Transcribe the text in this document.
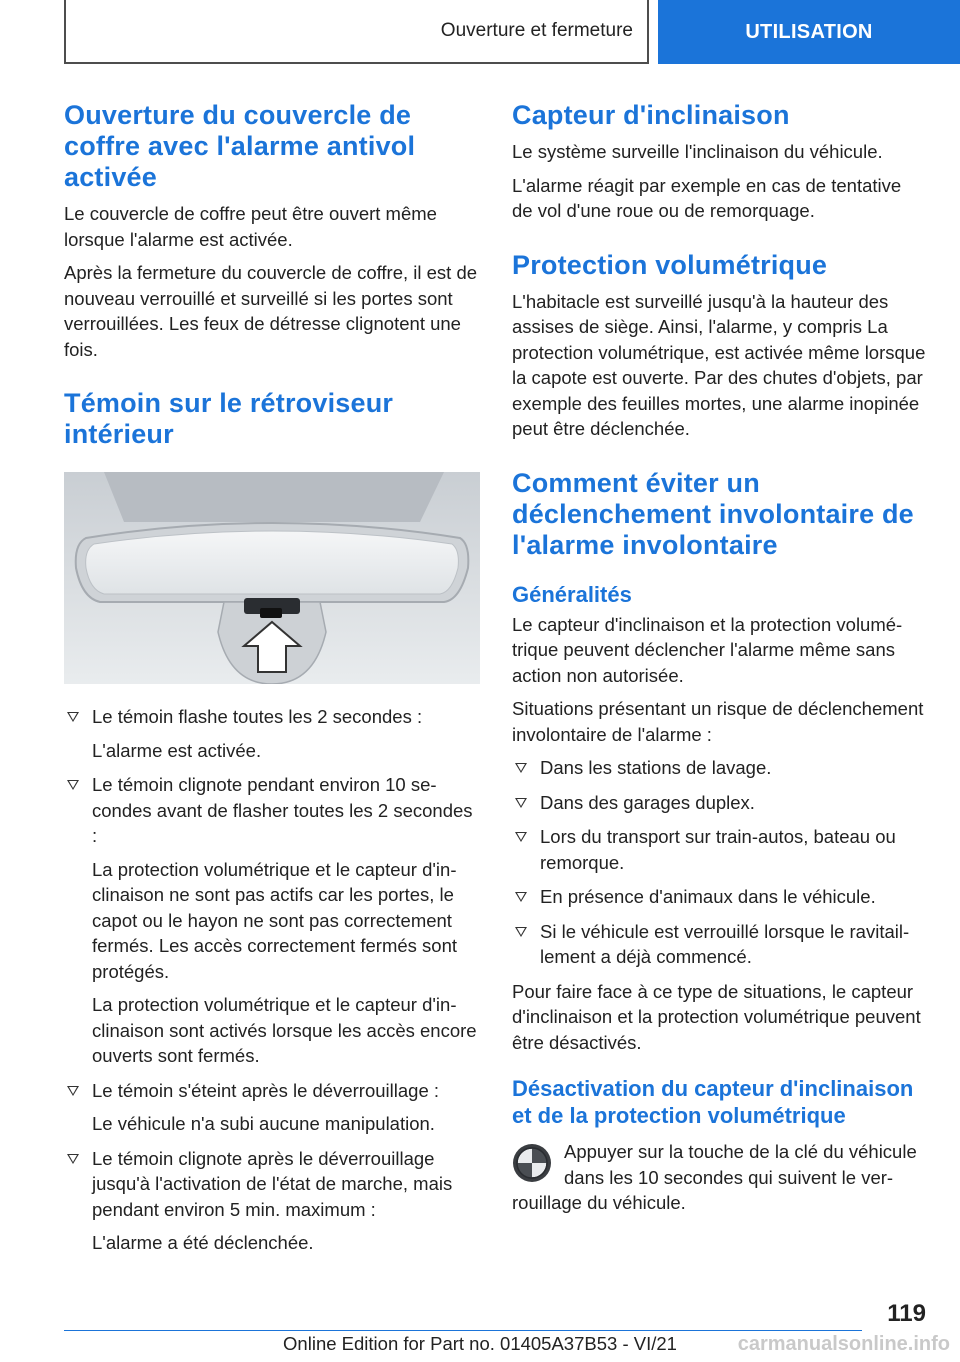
Ouverture et fermeture	UTILISATION
Ouverture du couvercle de coffre avec l'alarme antivol activée

Le couvercle de coffre peut être ouvert même lorsque l'alarme est activée.

Après la fermeture du couvercle de coffre, il est de nouveau verrouillé et surveillé si les portes sont verrouillées. Les feux de détresse clignotent une fois.

Témoin sur le rétroviseur intérieur

Le témoin flashe toutes les 2 secondes :

L'alarme est activée.

Le témoin clignote pendant environ 10 secondes avant de flasher toutes les 2 secondes :

La protection volumétrique et le capteur d'inclinaison ne sont pas actifs car les portes, le capot ou le hayon ne sont pas correctement fermés. Les accès correctement fermés sont protégés.

La protection volumétrique et le capteur d'inclinaison sont activés lorsque les accès encore ouverts sont fermés.

Le témoin s'éteint après le déverrouillage :

Le véhicule n'a subi aucune manipulation.

Le témoin clignote après le déverrouillage jusqu'à l'activation de l'état de marche, mais pendant environ 5 min. maximum :

L'alarme a été déclenchée.

Capteur d'inclinaison

Le système surveille l'inclinaison du véhicule.

L'alarme réagit par exemple en cas de tentative de vol d'une roue ou de remorquage.

Protection volumétrique

L'habitacle est surveillé jusqu'à la hauteur des assises de siège. Ainsi, l'alarme, y compris La protection volumétrique, est activée même lorsque la capote est ouverte. Par des chutes d'objets, par exemple des feuilles mortes, une alarme inopinée peut être déclenchée.

Comment éviter un déclenchement involontaire de l'alarme involontaire
Généralités

Le capteur d'inclinaison et la protection volumétrique peuvent déclencher l'alarme même sans action non autorisée.

Situations présentant un risque de déclenchement involontaire de l'alarme :

Dans les stations de lavage.

Dans des garages duplex.

Lors du transport sur train-autos, bateau ou remorque.

En présence d'animaux dans le véhicule.

Si le véhicule est verrouillé lorsque le ravitaillement a déjà commencé.

Pour faire face à ce type de situations, le capteur d'inclinaison et la protection volumétrique peuvent être désactivés.

Désactivation du capteur d'inclinaison et de la protection volumétrique

Appuyer sur la touche de la clé du véhicule dans les 10 secondes qui suivent le verrouillage du véhicule.

119
Online Edition for Part no. 01405A37B53 - VI/21	carmanualsonline.info
